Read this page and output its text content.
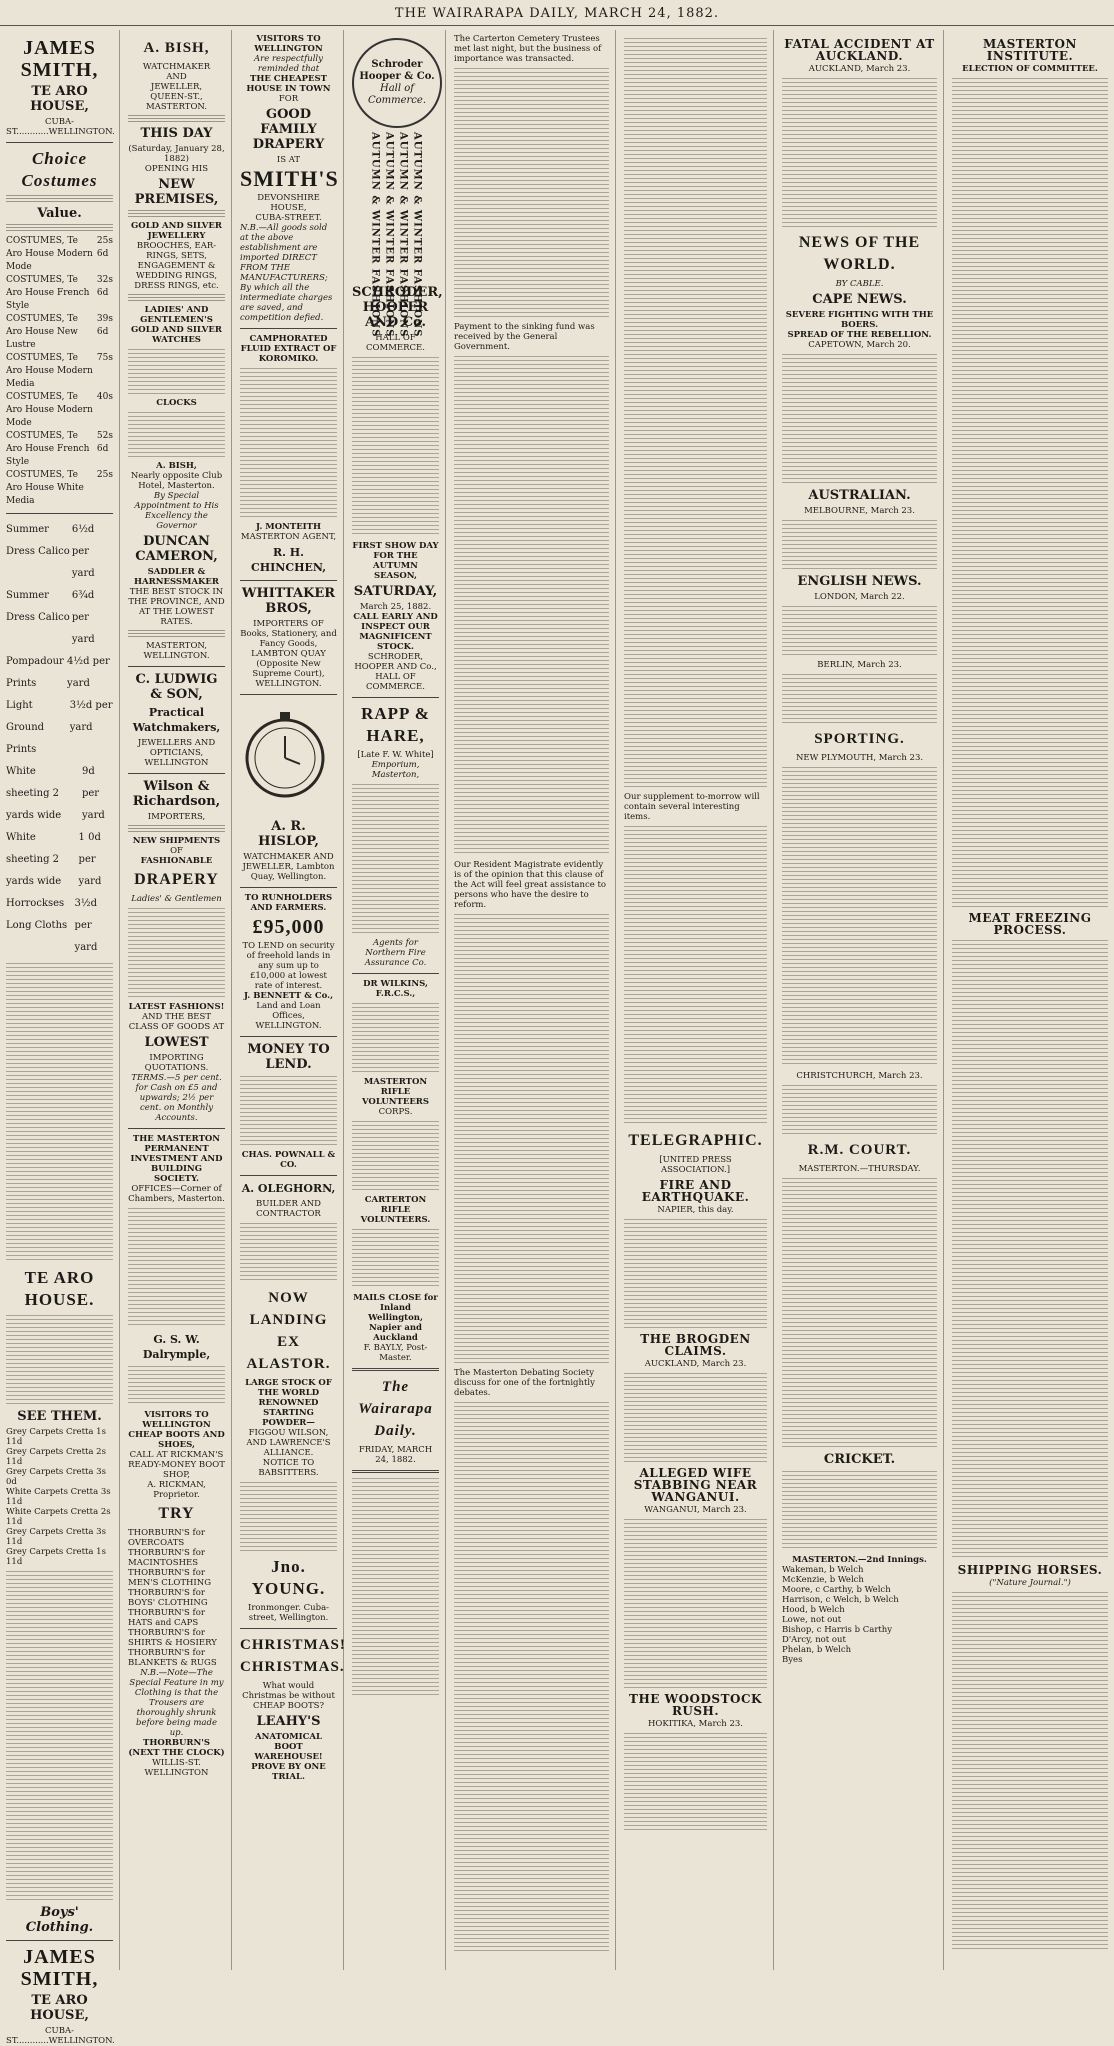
THE WAIRARAPA DAILY, MARCH 24, 1882.
JAMES SMITH,
TE ARO HOUSE,
CUBA-ST............WELLINGTON.
Choice Costumes
Value.
COSTUMES, Te Aro House Modern Mode
25s 6d
COSTUMES, Te Aro House French Style
32s 6d
COSTUMES, Te Aro House New Lustre
39s 6d
COSTUMES, Te Aro House Modern Media
75s
COSTUMES, Te Aro House Modern Mode
40s
COSTUMES, Te Aro House French Style
52s 6d
COSTUMES, Te Aro House White Media
25s
Summer Dress Calico
6½d per yard
Summer Dress Calico
6¾d per yard
Pompadour Prints
4½d per yard
Light Ground Prints
3½d per yard
White sheeting 2 yards wide
9d per yard
White sheeting 2 yards wide
1 0d per yard
Horrockses Long Cloths
3½d per yard
TE ARO HOUSE.
SEE THEM.
Grey Carpets Cretta 1s 11d
Grey Carpets Cretta 2s 11d
Grey Carpets Cretta 3s 0d
White Carpets Cretta 3s 11d
White Carpets Cretta 2s 11d
Grey Carpets Cretta 3s 11d
Grey Carpets Cretta 1s 11d
Boys' Clothing.
JAMES SMITH,
TE ARO HOUSE,
CUBA-ST............WELLINGTON.
A. BISH,
WATCHMAKER
AND
JEWELLER,
QUEEN-ST., MASTERTON.
THIS DAY
(Saturday, January 28, 1882)
OPENING HIS
NEW PREMISES,
GOLD AND SILVER JEWELLERY
BROOCHES, EAR-RINGS, SETS,
ENGAGEMENT & WEDDING RINGS, DRESS RINGS, etc.
LADIES' AND GENTLEMEN'S GOLD AND SILVER WATCHES
CLOCKS
A. BISH,
Nearly opposite Club Hotel, Masterton.
By Special Appointment to His Excellency the Governor
DUNCAN CAMERON,
SADDLER & HARNESSMAKER
THE BEST STOCK IN THE PROVINCE, AND AT THE LOWEST RATES.
MASTERTON, WELLINGTON.
C. LUDWIG & SON,
Practical Watchmakers,
JEWELLERS AND OPTICIANS,
WELLINGTON
Wilson & Richardson,
IMPORTERS,
NEW SHIPMENTS
OF
FASHIONABLE
DRAPERY
Ladies' & Gentlemen
LATEST FASHIONS!
AND THE BEST CLASS OF GOODS AT
LOWEST
IMPORTING QUOTATIONS.
TERMS.—5 per cent. for Cash on £5 and upwards; 2½ per cent. on Monthly Accounts.
THE MASTERTON PERMANENT INVESTMENT AND BUILDING SOCIETY.
OFFICES—Corner of Chambers, Masterton.
G. S. W. Dalrymple,
VISITORS TO WELLINGTON CHEAP BOOTS AND SHOES,
CALL AT RICKMAN'S READY-MONEY BOOT SHOP,
A. RICKMAN, Proprietor.
TRY
THORBURN'S for OVERCOATS
THORBURN'S for MACINTOSHES
THORBURN'S for MEN'S CLOTHING
THORBURN'S for BOYS' CLOTHING
THORBURN'S for HATS and CAPS
THORBURN'S for SHIRTS & HOSIERY
THORBURN'S for BLANKETS & RUGS
N.B.—Note—The Special Feature in my Clothing is that the Trousers are thoroughly shrunk before being made up.
THORBURN'S (NEXT THE CLOCK)
WILLIS-ST. WELLINGTON
VISITORS TO WELLINGTON
Are respectfully reminded that
THE CHEAPEST HOUSE IN TOWN
FOR
GOOD FAMILY DRAPERY
IS AT
SMITH'S
DEVONSHIRE HOUSE,
CUBA-STREET.
N.B.—All goods sold at the above establishment are imported DIRECT FROM THE MANUFACTURERS; By which all the intermediate charges are saved, and competition defied.
CAMPHORATED FLUID EXTRACT OF KOROMIKO.
J. MONTEITH
MASTERTON AGENT,
R. H. CHINCHEN,
WHITTAKER BROS,
IMPORTERS OF Books, Stationery, and Fancy Goods,
LAMBTON QUAY (Opposite New Supreme Court), WELLINGTON.
A. R. HISLOP,
WATCHMAKER AND JEWELLER, Lambton Quay, Wellington.
TO RUNHOLDERS AND FARMERS.
£95,000
TO LEND on security of freehold lands in any sum up to £10,000 at lowest rate of interest.
J. BENNETT & Co.,
Land and Loan Offices, WELLINGTON.
MONEY TO LEND.
CHAS. POWNALL & CO.
A. OLEGHORN,
BUILDER AND CONTRACTOR
NOW LANDING EX ALASTOR.
LARGE STOCK OF THE WORLD RENOWNED STARTING POWDER—
FIGGOU WILSON, AND LAWRENCE'S ALLIANCE.
NOTICE TO BABSITTERS.
Jno. YOUNG.
Ironmonger. Cuba-street, Wellington.
CHRISTMAS! CHRISTMAS.
What would Christmas be without CHEAP BOOTS?
LEAHY'S
ANATOMICAL BOOT WAREHOUSE!
PROVE BY ONE TRIAL.
Schroder Hooper & Co.
Hall of Commerce.
AUTUMN & WINTER FASHIONS AUTUMN & WINTER FASHIONS AUTUMN & WINTER FASHIONS AUTUMN & WINTER FASHIONS
SCHRODER, HOOPER AND Co.
HALL OF COMMERCE.
FIRST SHOW DAY FOR THE AUTUMN SEASON,
SATURDAY,
March 25, 1882.
CALL EARLY AND INSPECT OUR MAGNIFICENT STOCK.
SCHRODER, HOOPER AND Co.,
HALL OF COMMERCE.
RAPP & HARE,
[Late F. W. White]
Emporium, Masterton,
Agents for Northern Fire Assurance Co.
DR WILKINS, F.R.C.S.,
MASTERTON RIFLE VOLUNTEERS
CORPS.
CARTERTON RIFLE VOLUNTEERS.
MAILS CLOSE for Inland Wellington, Napier and Auckland
F. BAYLY, Post-Master.
The Wairarapa Daily.
FRIDAY, MARCH 24, 1882.
The Carterton Cemetery Trustees met last night, but the business of importance was transacted.
Payment to the sinking fund was received by the General Government.
Our Resident Magistrate evidently is of the opinion that this clause of the Act will feel great assistance to persons who have the desire to reform.
The Masterton Debating Society discuss for one of the fortnightly debates.
Our supplement to-morrow will contain several interesting items.
TELEGRAPHIC.
[UNITED PRESS ASSOCIATION.]
FIRE AND EARTHQUAKE.
NAPIER, this day.
THE BROGDEN CLAIMS.
AUCKLAND, March 23.
ALLEGED WIFE STABBING NEAR WANGANUI.
WANGANUI, March 23.
THE WOODSTOCK RUSH.
HOKITIKA, March 23.
FATAL ACCIDENT AT AUCKLAND.
AUCKLAND, March 23.
NEWS OF THE WORLD.
BY CABLE.
CAPE NEWS.
SEVERE FIGHTING WITH THE BOERS.
SPREAD OF THE REBELLION.
CAPETOWN, March 20.
AUSTRALIAN.
MELBOURNE, March 23.
ENGLISH NEWS.
LONDON, March 22.
BERLIN, March 23.
SPORTING.
NEW PLYMOUTH, March 23.
CHRISTCHURCH, March 23.
R.M. COURT.
MASTERTON.—THURSDAY.
CRICKET.
MASTERTON.—2nd Innings.
Wakeman, b Welch
McKenzie, b Welch
Moore, c Carthy, b Welch
Harrison, c Welch, b Welch
Hood, b Welch
Lowe, not out
Bishop, c Harris b Carthy
D'Arcy, not out
Phelan, b Welch
Byes
MASTERTON INSTITUTE.
ELECTION OF COMMITTEE.
MEAT FREEZING PROCESS.
SHIPPING HORSES.
("Nature Journal.")
